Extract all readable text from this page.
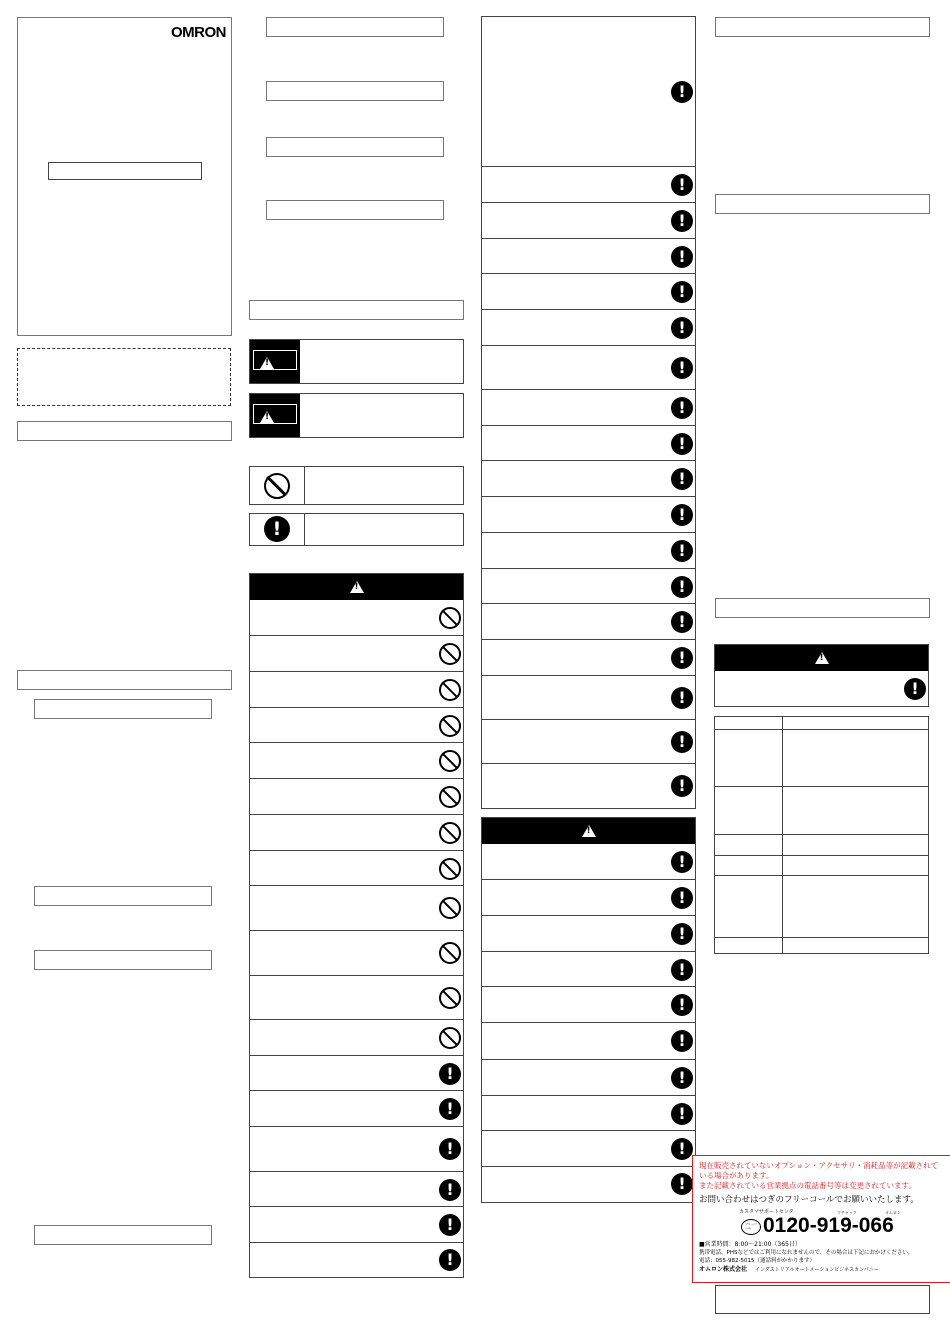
OMRON
!
!
!
!
!
!
!
!
!
!
!
!
!
!
!
!
!
!
!
!
!
!
!
!
!
!
!
!
!
!
!
!
!
!
!
!
!
!
!
!
!
現在販売されていないオプション・アクセサリ・消耗品等が記載されている場合があります。
また記載されている営業拠点の電話番号等は変更されています。
お問い合わせはつぎのフリーコールでお願いいたします。
カスタマサポートセンタ	ウチャック	オムロン
フリーコール 0120-919-066
■営業時間：8:00～21:00（365日）
携帯電話、PHSなどではご利用になれませんので、その場合は下記におかけください。
電話：055-982-5015（通話料がかかります）
オムロン株式会社 インダストリアルオートメーションビジネスカンパニー
